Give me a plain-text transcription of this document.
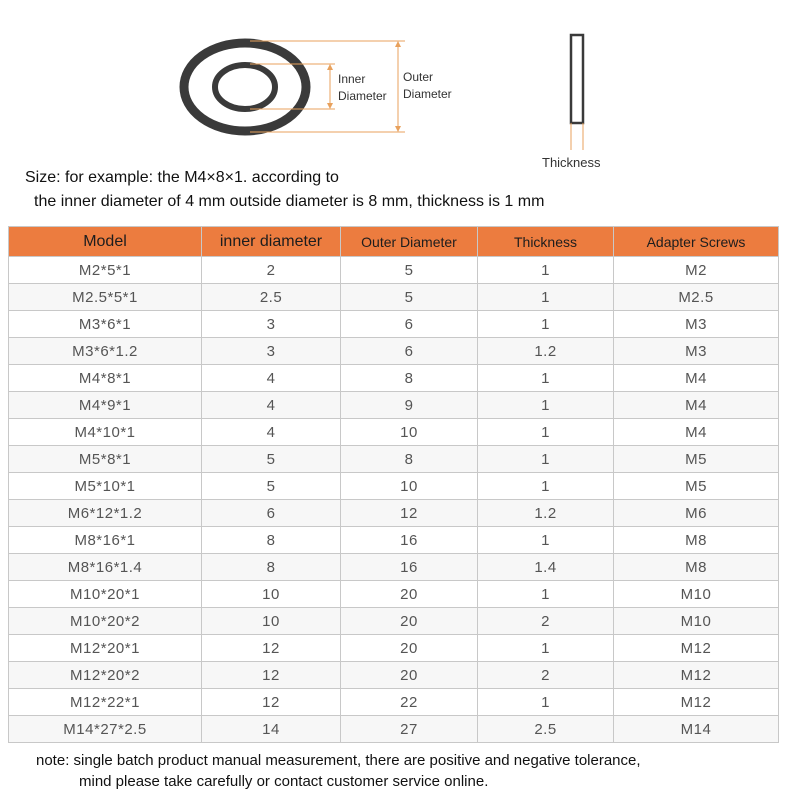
Inner
Diameter
Outer
Diameter
Thickness
Size: for example: the M4×8×1. according to
the inner diameter of 4 mm outside diameter is 8 mm, thickness is 1 mm
Model	inner diameter	Outer Diameter	Thickness	Adapter Screws
M2*5*1	2	5	1	M2
M2.5*5*1	2.5	5	1	M2.5
M3*6*1	3	6	1	M3
M3*6*1.2	3	6	1.2	M3
M4*8*1	4	8	1	M4
M4*9*1	4	9	1	M4
M4*10*1	4	10	1	M4
M5*8*1	5	8	1	M5
M5*10*1	5	10	1	M5
M6*12*1.2	6	12	1.2	M6
M8*16*1	8	16	1	M8
M8*16*1.4	8	16	1.4	M8
M10*20*1	10	20	1	M10
M10*20*2	10	20	2	M10
M12*20*1	12	20	1	M12
M12*20*2	12	20	2	M12
M12*22*1	12	22	1	M12
M14*27*2.5	14	27	2.5	M14
note: single batch product manual measurement, there are positive and negative tolerance,
mind please take carefully or contact customer service online.
